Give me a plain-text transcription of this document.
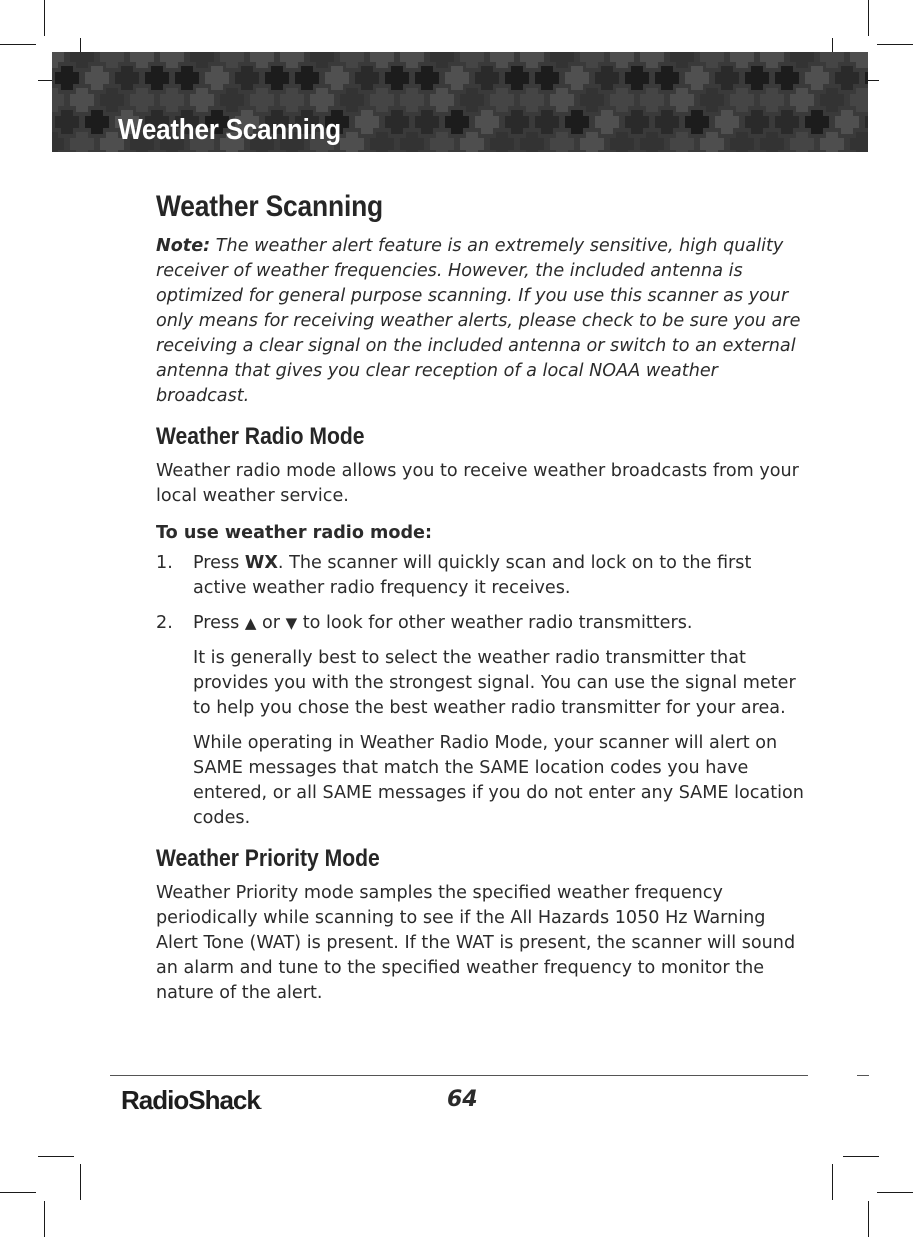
Weather Scanning
Weather Scanning

Note: The weather alert feature is an extremely sensitive, high quality receiver of weather frequencies. However, the included antenna is optimized for general purpose scanning. If you use this scanner as your only means for receiving weather alerts, please check to be sure you are receiving a clear signal on the included antenna or switch to an external antenna that gives you clear reception of a local NOAA weather broadcast.

Weather Radio Mode

Weather radio mode allows you to receive weather broadcasts from your local weather service.

To use weather radio mode:
1. Press WX. The scanner will quickly scan and lock on to the first active weather radio frequency it receives.
2. Press ▲ or ▼ to look for other weather radio transmitters.

It is generally best to select the weather radio transmitter that provides you with the strongest signal. You can use the signal meter to help you chose the best weather radio transmitter for your area.

While operating in Weather Radio Mode, your scanner will alert on SAME messages that match the SAME location codes you have entered, or all SAME messages if you do not enter any SAME location codes.

Weather Priority Mode

Weather Priority mode samples the specified weather frequency periodically while scanning to see if the All Hazards 1050 Hz Warning Alert Tone (WAT) is present. If the WAT is present, the scanner will sound an alarm and tune to the specified weather frequency to monitor the nature of the alert.

RadioShack.	64
